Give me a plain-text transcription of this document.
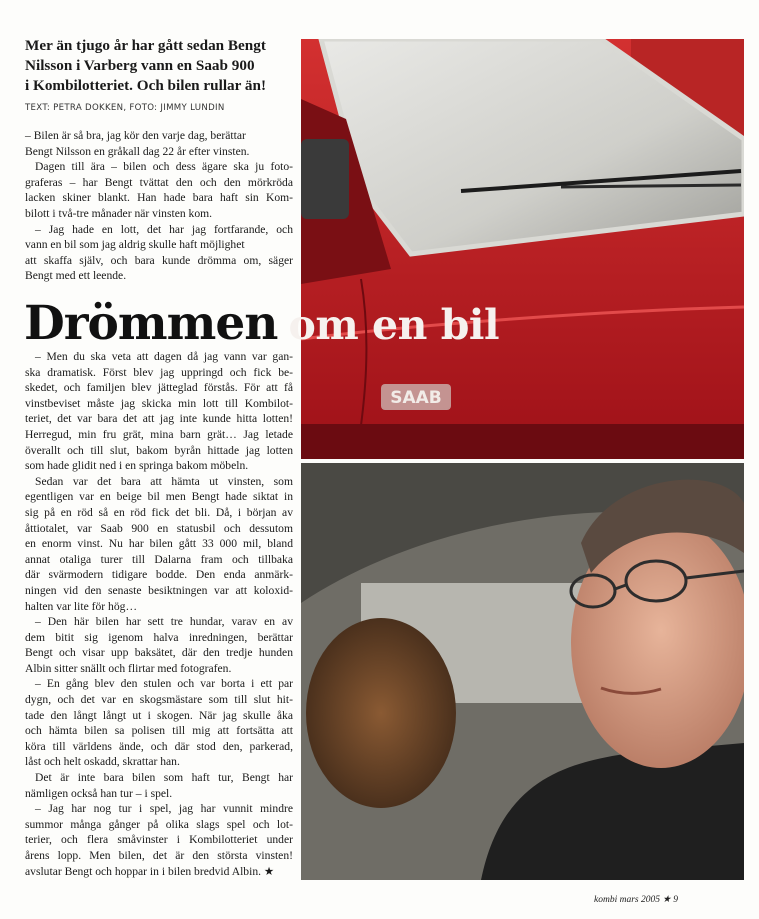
Mer än tjugo år har gått sedan Bengt
Nilsson i Varberg vann en Saab 900
i Kombilotteriet. Och bilen rullar än!
TEXT: PETRA DOKKEN, FOTO: JIMMY LUNDIN
– Bilen är så bra, jag kör den varje dag, berättar
Bengt Nilsson en gråkall dag 22 år efter vinsten.
Dagen till ära – bilen och dess ägare ska ju foto-
graferas – har Bengt tvättat den och den mörkröda
lacken skiner blankt. Han hade bara haft sin Kom-
bilott i två-tre månader när vinsten kom.
– Jag hade en lott, det har jag fortfarande, och
vann en bil som jag aldrig skulle haft möjlighet
att skaffa själv, och bara kunde drömma om, säger
Bengt med ett leende.
SAAB
Drömmen om en bil
– Men du ska veta att dagen då jag vann var gan-
ska dramatisk. Först blev jag uppringd och fick be-
skedet, och familjen blev jätteglad förstås. För att få
vinstbeviset måste jag skicka min lott till Kombilot-
teriet, det var bara det att jag inte kunde hitta lotten!
Herregud, min fru grät, mina barn grät… Jag letade
överallt och till slut, bakom byrån hittade jag lotten
som hade glidit ned i en springa bakom möbeln.
Sedan var det bara att hämta ut vinsten, som
egentligen var en beige bil men Bengt hade siktat in
sig på en röd så en röd fick det bli. Då, i början av
åttiotalet, var Saab 900 en statusbil och dessutom
en enorm vinst. Nu har bilen gått 33 000 mil, bland
annat otaliga turer till Dalarna fram och tillbaka
där svärmodern tidigare bodde. Den enda anmärk-
ningen vid den senaste besiktningen var att koloxid-
halten var lite för hög…
– Den här bilen har sett tre hundar, varav en av
dem bitit sig igenom halva inredningen, berättar
Bengt och visar upp baksätet, där den tredje hunden
Albin sitter snällt och flirtar med fotografen.
– En gång blev den stulen och var borta i ett par
dygn, och det var en skogsmästare som till slut hit-
tade den långt långt ut i skogen. När jag skulle åka
och hämta bilen sa polisen till mig att fortsätta att
köra till världens ände, och där stod den, parkerad,
låst och helt oskadd, skrattar han.
Det är inte bara bilen som haft tur, Bengt har
nämligen också han tur – i spel.
– Jag har nog tur i spel, jag har vunnit mindre
summor många gånger på olika slags spel och lot-
terier, och flera småvinster i Kombilotteriet under
årens lopp. Men bilen, det är den största vinsten!
avslutar Bengt och hoppar in i bilen bredvid Albin. ★
kombi mars 2005 ★ 9
